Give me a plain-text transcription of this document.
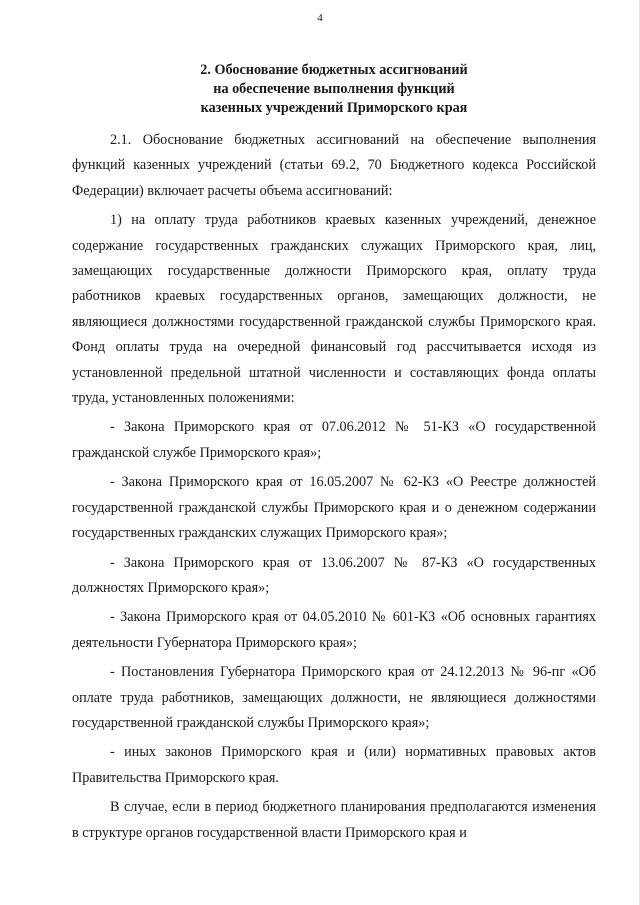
4
2. Обоснование бюджетных ассигнований
на обеспечение выполнения функций
казенных учреждений Приморского края

2.1. Обоснование бюджетных ассигнований на обеспечение выполнения функций казенных учреждений (статьи 69.2, 70 Бюджетного кодекса Российской Федерации) включает расчеты объема ассигнований:

1) на оплату труда работников краевых казенных учреждений, денежное содержание государственных гражданских служащих Приморского края, лиц, замещающих государственные должности Приморского края, оплату труда работников краевых государственных органов, замещающих должности, не являющиеся должностями государственной гражданской службы Приморского края. Фонд оплаты труда на очередной финансовый год рассчитывается исходя из установленной предельной штатной численности и составляющих фонда оплаты труда, установленных положениями:

- Закона Приморского края от 07.06.2012 № 51-КЗ «О государственной гражданской службе Приморского края»;

- Закона Приморского края от 16.05.2007 № 62-КЗ «О Реестре должностей государственной гражданской службы Приморского края и о денежном содержании государственных гражданских служащих Приморского края»;

- Закона Приморского края от 13.06.2007 № 87-КЗ «О государственных должностях Приморского края»;

- Закона Приморского края от 04.05.2010 № 601-КЗ «Об основных гарантиях деятельности Губернатора Приморского края»;

- Постановления Губернатора Приморского края от 24.12.2013 № 96-пг «Об оплате труда работников, замещающих должности, не являющиеся должностями государственной гражданской службы Приморского края»;

- иных законов Приморского края и (или) нормативных правовых актов Правительства Приморского края.

В случае, если в период бюджетного планирования предполагаются изменения в структуре органов государственной власти Приморского края и
